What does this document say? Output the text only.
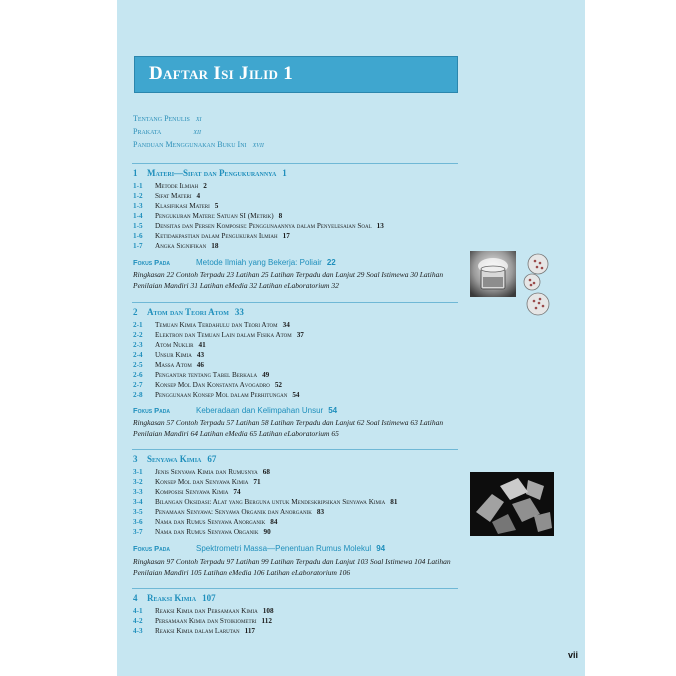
Daftar Isi Jilid 1
Tentang Penulis xi
Prakata	xii
Panduan Menggunakan Buku Ini xvii
1 Materi—Sifat dan Pengukurannya 1
1-1 Metode Ilmiah 2
1-2 Sifat Materi 4
1-3 Klasifikasi Materi 5
1-4 Pengukuran Materi: Satuan SI (Metrik) 8
1-5 Densitas dan Persen Komposisi: Penggunaannya dalam Penyelesaian Soal 13
1-6 Ketidakpastian dalam Pengukuran Ilmiah 17
1-7 Angka Signifikan 18
Fokus Pada	Metode Ilmiah yang Bekerja: Poliair 22
Ringkasan 22 Contoh Terpadu 23 Latihan 25 Latihan Terpadu dan Lanjut 29 Soal Istimewa 30 Latihan Penilaian Mandiri 31 Latihan eMedia 32 Latihan eLaboratorium 32
2 Atom dan Teori Atom 33
2-1 Temuan Kimia Terdahulu dan Teori Atom 34
2-2 Elektron dan Temuan Lain dalam Fisika Atom 37
2-3 Atom Nuklir 41
2-4 Unsur Kimia 43
2-5 Massa Atom 46
2-6 Pengantar tentang Tabel Berkala 49
2-7 Konsep Mol Dan Konstanta Avogadro 52
2-8 Penggunaan Konsep Mol dalam Perhitungan 54
Fokus Pada	Keberadaan dan Kelimpahan Unsur 54
Ringkasan 57 Contoh Terpadu 57 Latihan 58 Latihan Terpadu dan Lanjut 62 Soal Istimewa 63 Latihan Penilaian Mandiri 64 Latihan eMedia 65 Latihan eLaboratorium 65
3 Senyawa Kimia 67
3-1 Jenis Senyawa Kimia dan Rumusnya 68
3-2 Konsep Mol dan Senyawa Kimia 71
3-3 Komposisi Senyawa Kimia 74
3-4 Bilangan Oksidasi: Alat yang Berguna untuk Mendeskripsikan Senyawa Kimia 81
3-5 Penamaan Senyawa: Senyawa Organik dan Anorganik 83
3-6 Nama dan Rumus Senyawa Anorganik 84
3-7 Nama dan Rumus Senyawa Organik 90
Fokus Pada	Spektrometri Massa—Penentuan Rumus Molekul 94
Ringkasan 97 Contoh Terpadu 97 Latihan 99 Latihan Terpadu dan Lanjut 103 Soal Istimewa 104 Latihan Penilaian Mandiri 105 Latihan eMedia 106 Latihan eLaboratorium 106
4 Reaksi Kimia 107
4-1 Reaksi Kimia dan Persamaan Kimia 108
4-2 Persamaan Kimia dan Stoikiometri 112
4-3 Reaksi Kimia dalam Larutan 117
vii
